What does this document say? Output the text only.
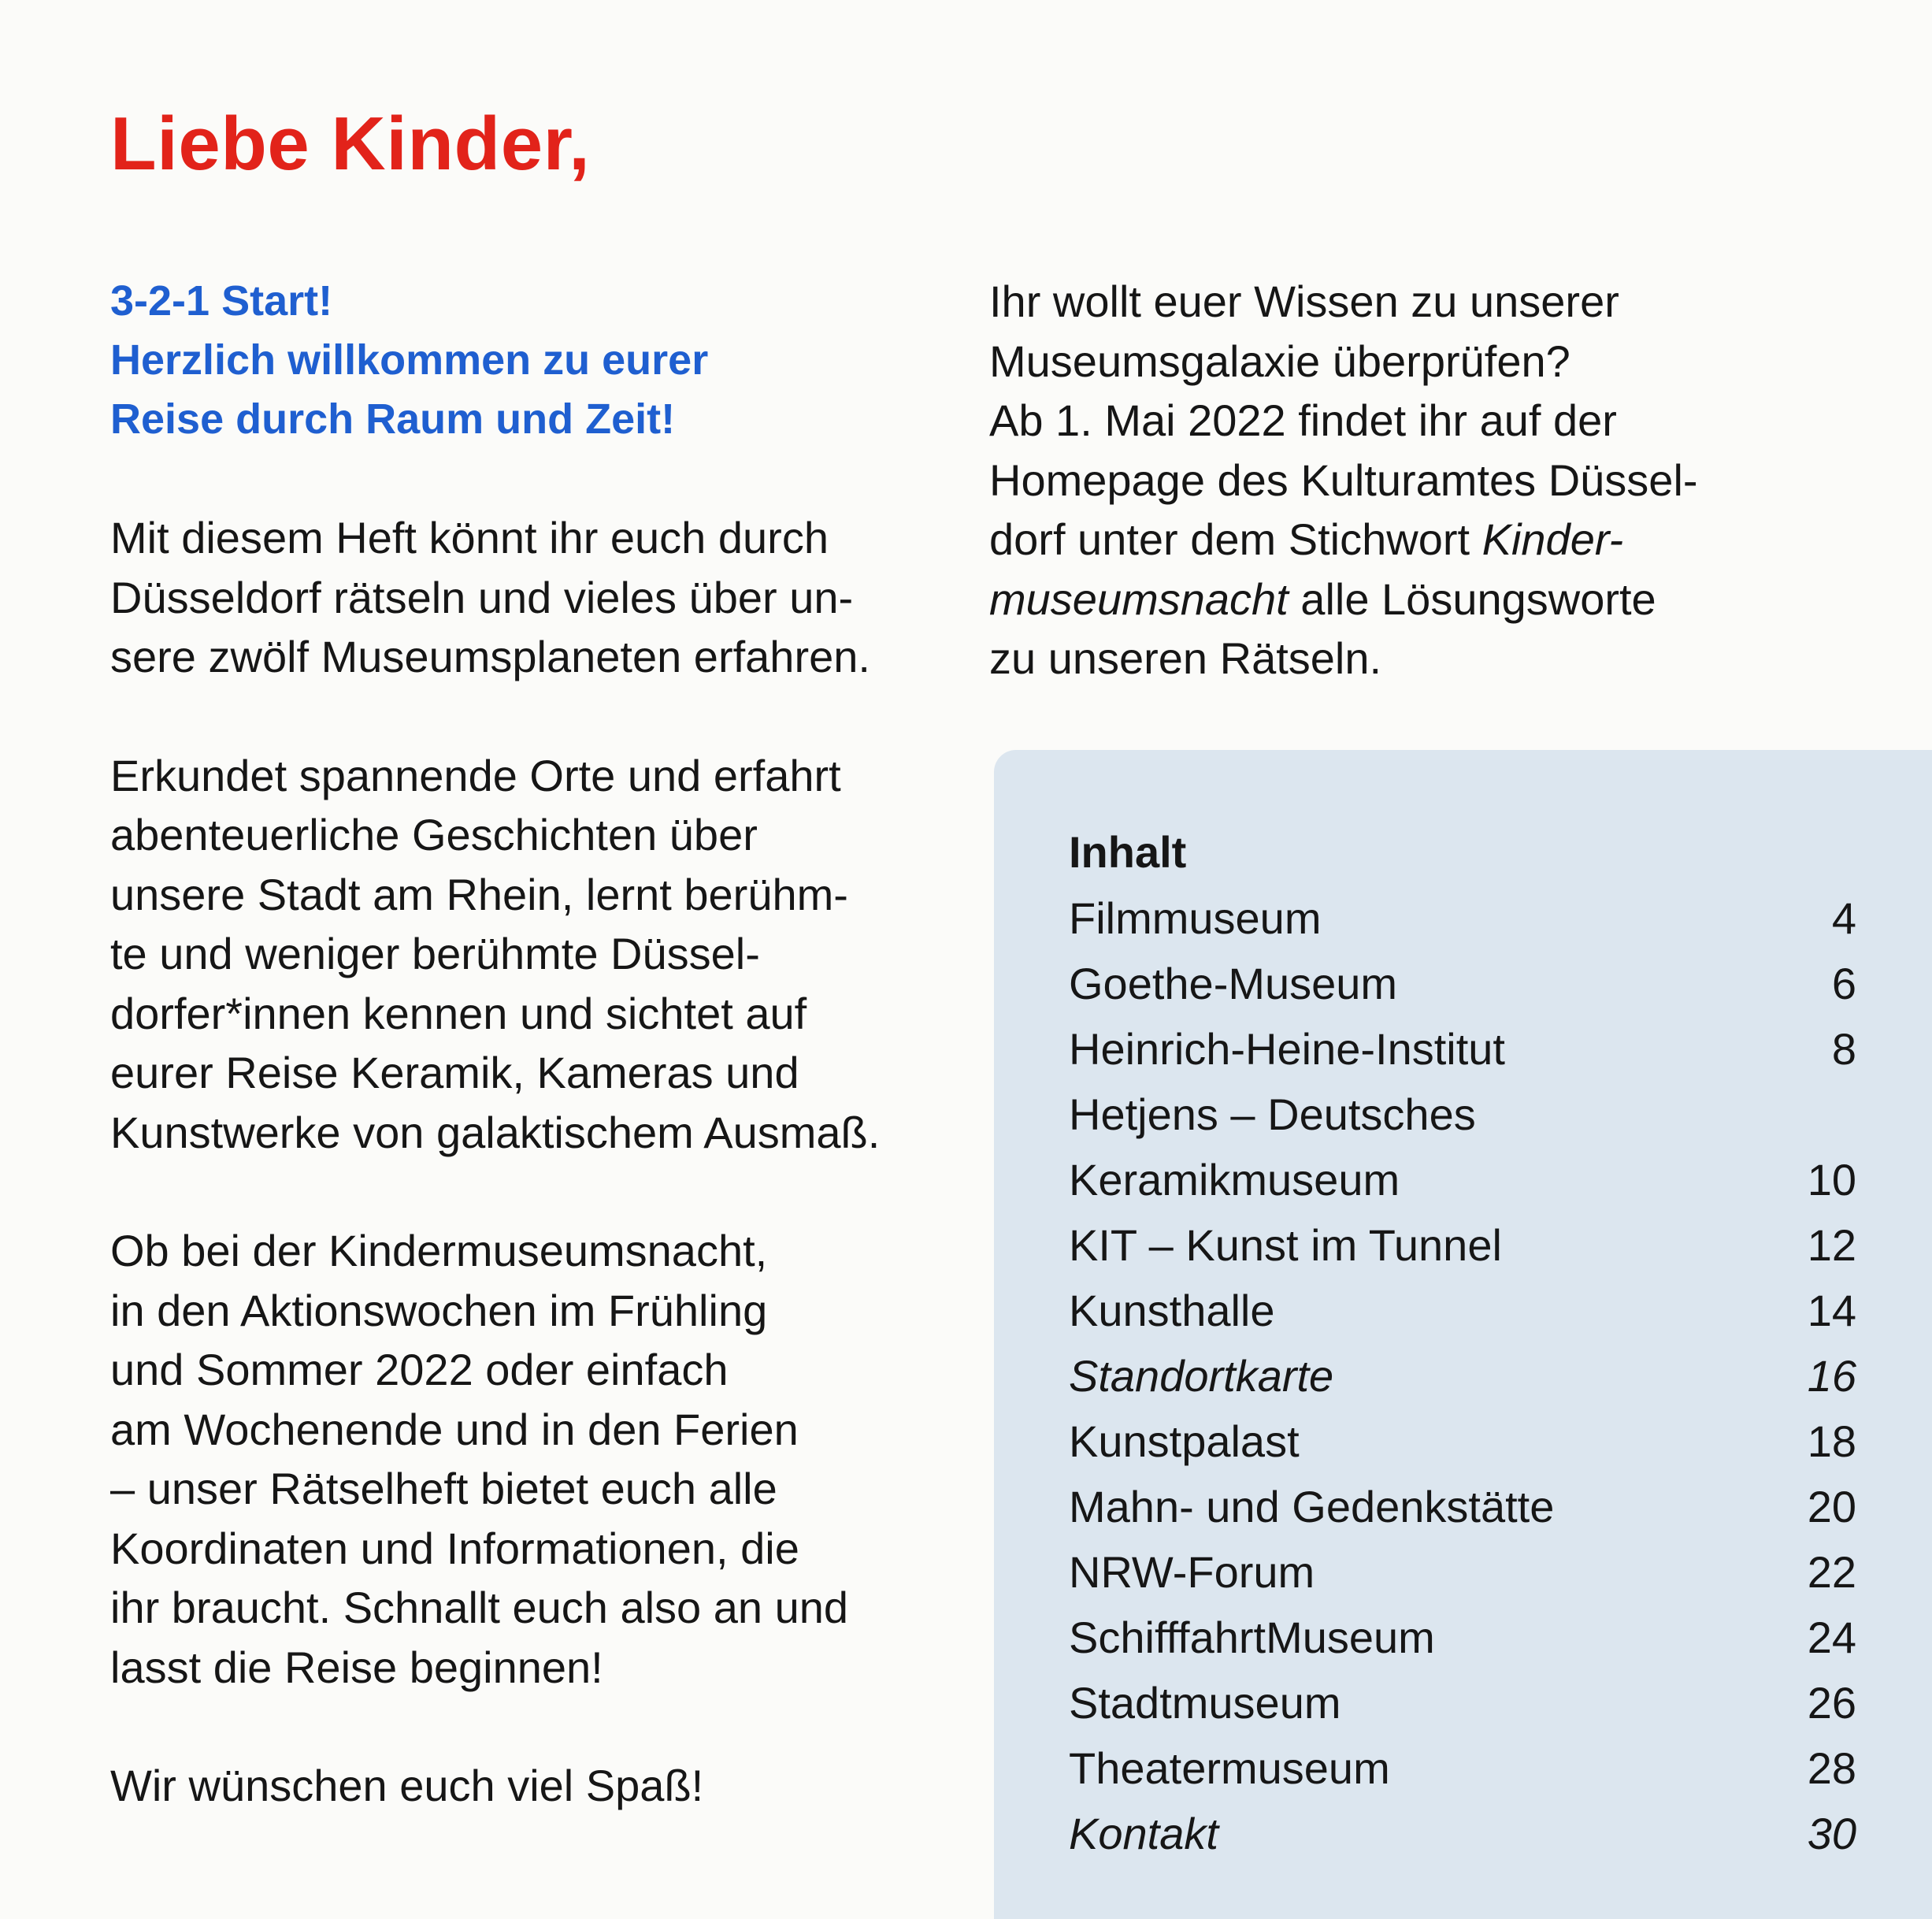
Liebe Kinder,
3-2-1 Start!
Herzlich willkommen zu eurer
Reise durch Raum und Zeit!

Mit diesem Heft könnt ihr euch durch
Düsseldorf rätseln und vieles über un-
sere zwölf Museumsplaneten erfahren.

Erkundet spannende Orte und erfahrt
abenteuerliche Geschichten über
unsere Stadt am Rhein, lernt berühm-
te und weniger berühmte Düssel-
dorfer*innen kennen und sichtet auf
eurer Reise Keramik, Kameras und
Kunstwerke von galaktischem Ausmaß.

Ob bei der Kindermuseumsnacht,
in den Aktionswochen im Frühling
und Sommer 2022 oder einfach
am Wochenende und in den Ferien
– unser Rätselheft bietet euch alle
Koordinaten und Informationen, die
ihr braucht. Schnallt euch also an und
lasst die Reise beginnen!

Wir wünschen euch viel Spaß!

Ihr wollt euer Wissen zu unserer
Museumsgalaxie überprüfen?
Ab 1. Mai 2022 findet ihr auf der
Homepage des Kulturamtes Düssel-
dorf unter dem Stichwort Kinder-
museumsnacht alle Lösungsworte
zu unseren Rätseln.

Inhalt
Filmmuseum	4
Goethe-Museum	6
Heinrich-Heine-Institut	8
Hetjens – Deutsches
Keramikmuseum	10
KIT – Kunst im Tunnel	12
Kunsthalle	14
Standortkarte	16
Kunstpalast	18
Mahn- und Gedenkstätte	20
NRW-Forum	22
SchifffahrtMuseum	24
Stadtmuseum	26
Theatermuseum	28
Kontakt	30
